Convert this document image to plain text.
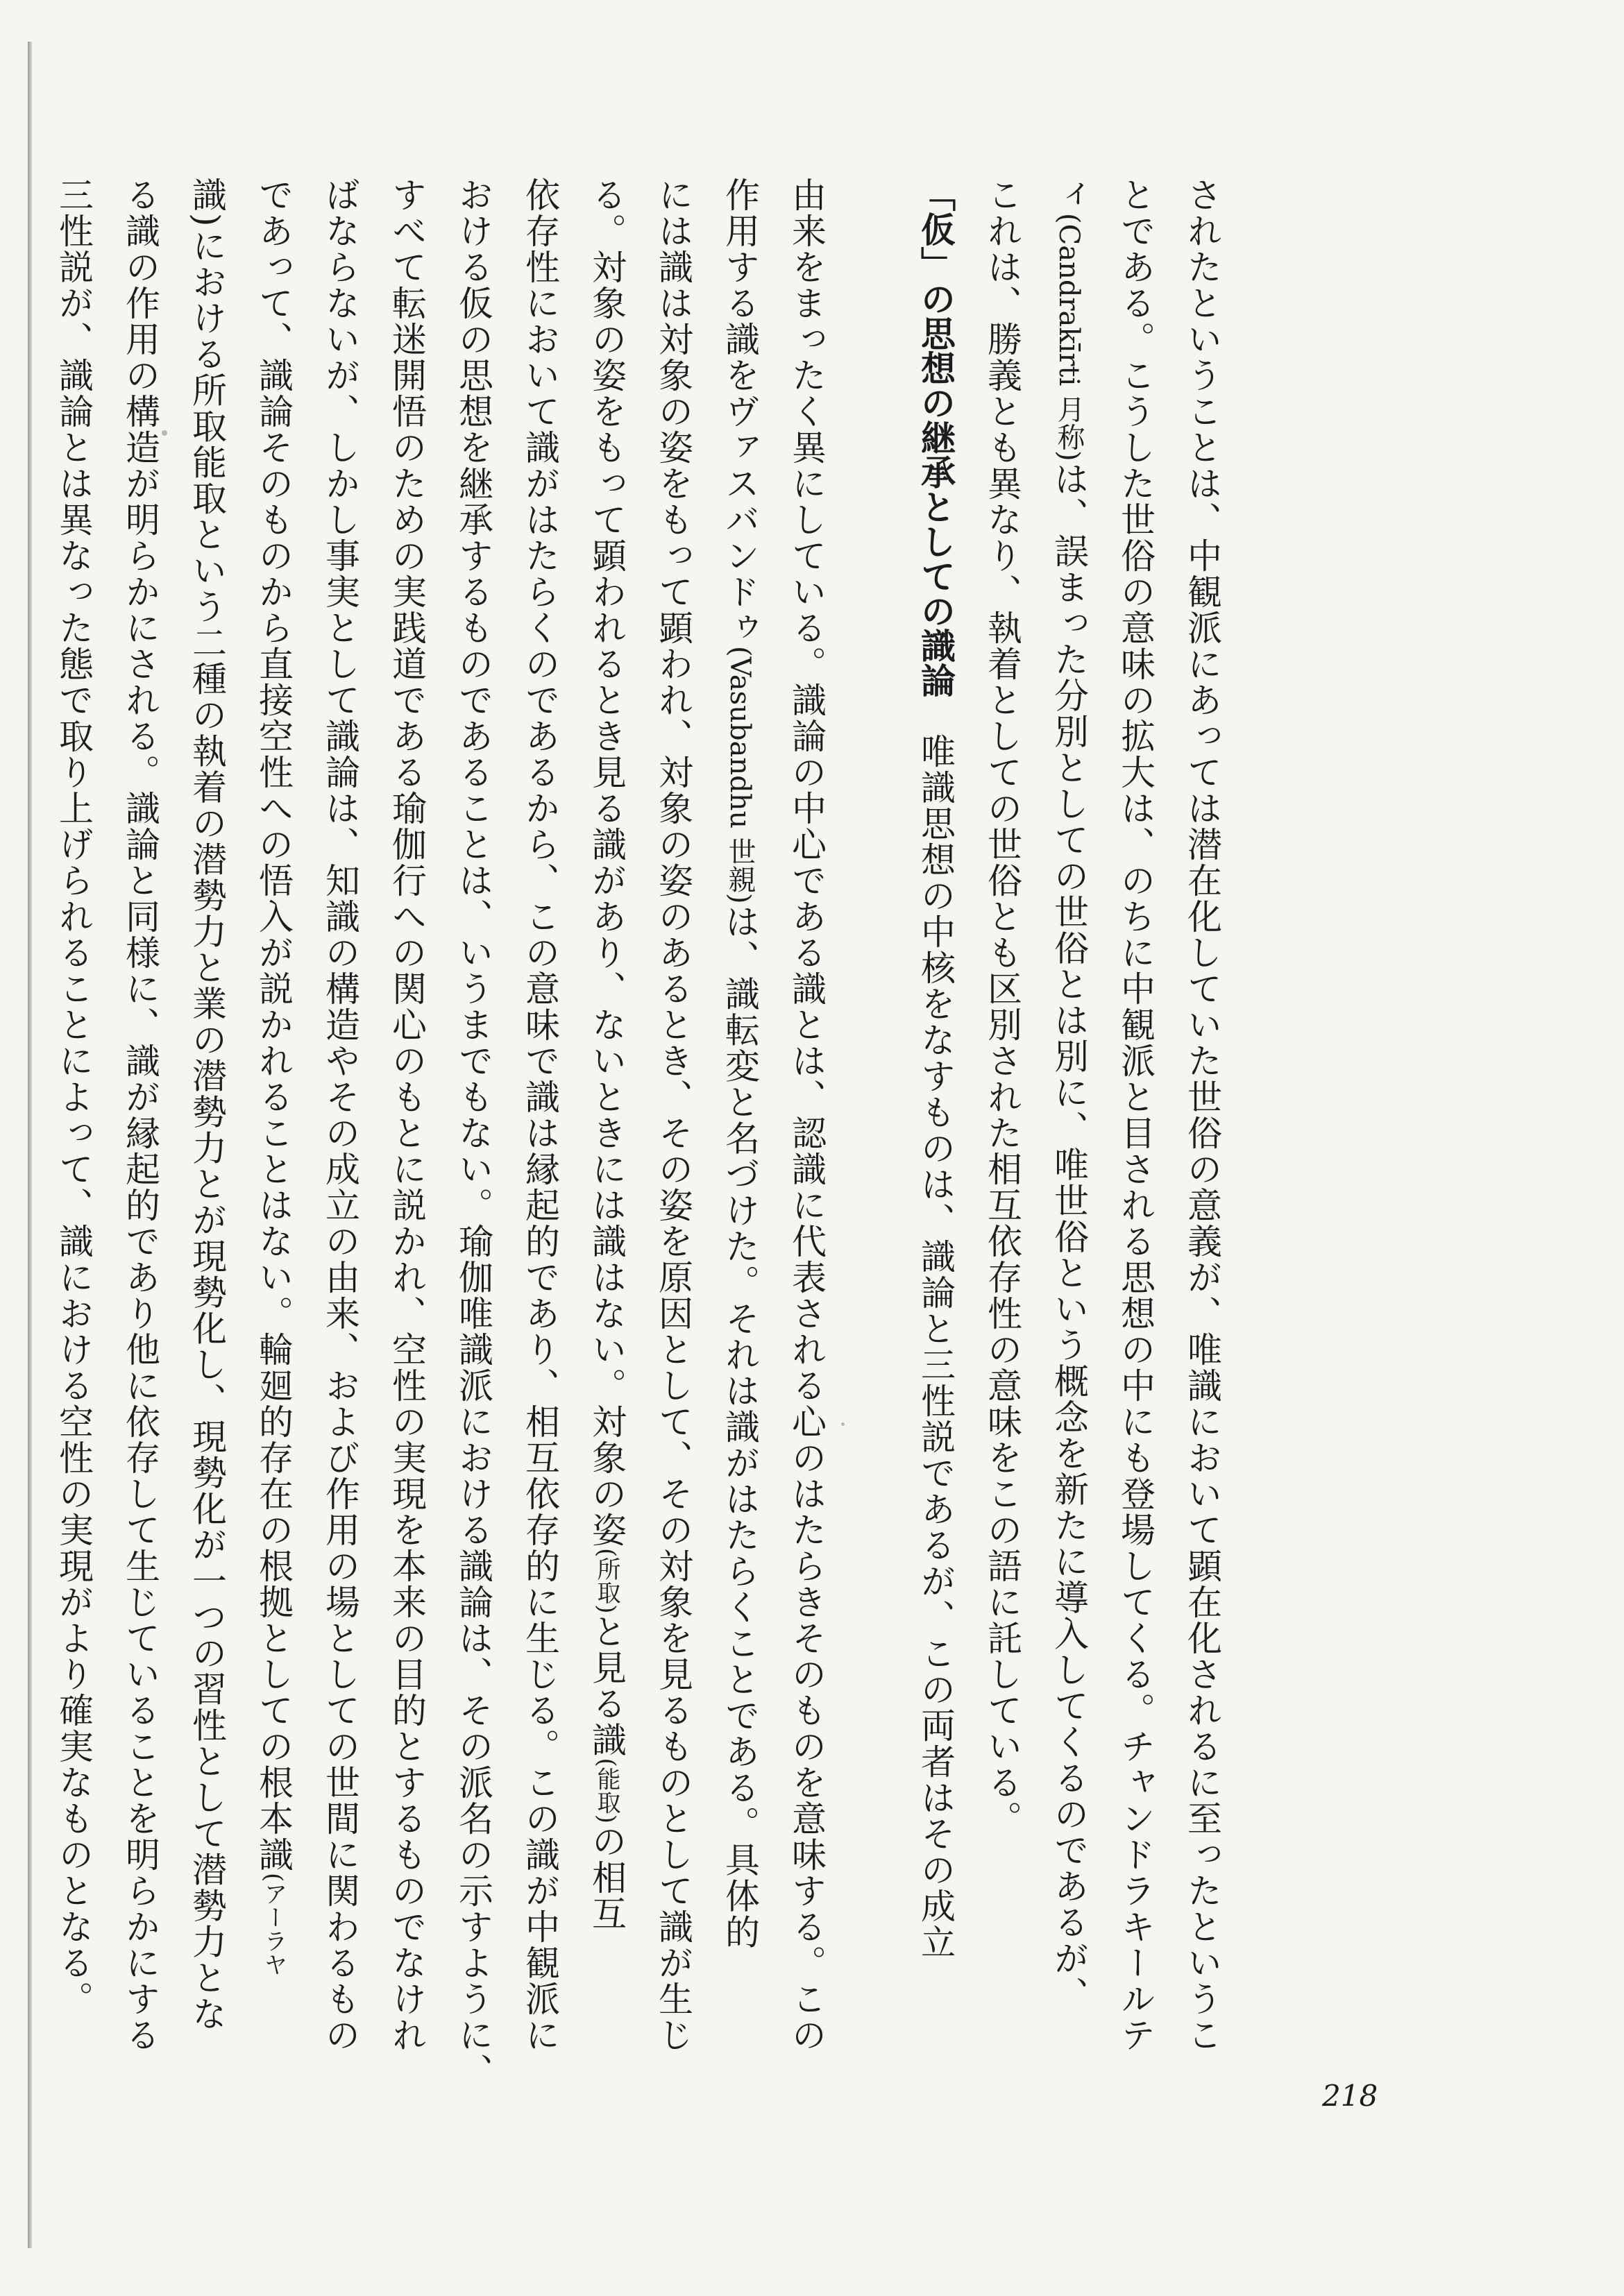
されたということは、中観派にあっては潜在化していた世俗の意義が、唯識において顕在化されるに至ったというこ
とである。こうした世俗の意味の拡大は、のちに中観派と目される思想の中にも登場してくる。チャンドラキールテ
ィ(Candrakīrti 月称)は、誤まった分別としての世俗とは別に、唯世俗という概念を新たに導入してくるのであるが、
これは、勝義とも異なり、執着としての世俗とも区別された相互依存性の意味をこの語に託している。
「仮」の思想の継承としての識論　唯識思想の中核をなすものは、識論と三性説であるが、この両者はその成立
由来をまったく異にしている。識論の中心である識とは、認識に代表される心のはたらきそのものを意味する。この
作用する識をヴァスバンドゥ(Vasubandhu 世親)は、識転変と名づけた。それは識がはたらくことである。具体的
には識は対象の姿をもって顕われ、対象の姿のあるとき、その姿を原因として、その対象を見るものとして識が生じ
る。対象の姿をもって顕われるとき見る識があり、ないときには識はない。対象の姿(所取)と見る識(能取)の相互
依存性において識がはたらくのであるから、この意味で識は縁起的であり、相互依存的に生じる。この識が中観派に
おける仮の思想を継承するものであることは、いうまでもない。瑜伽唯識派における識論は、その派名の示すように、
すべて転迷開悟のための実践道である瑜伽行への関心のもとに説かれ、空性の実現を本来の目的とするものでなけれ
ばならないが、しかし事実として識論は、知識の構造やその成立の由来、および作用の場としての世間に関わるもの
であって、識論そのものから直接空性への悟入が説かれることはない。輪廻的存在の根拠としての根本識(アーラヤ
識)における所取能取という二種の執着の潜勢力と業の潜勢力とが現勢化し、現勢化が一つの習性として潜勢力とな
る識の作用の構造が明らかにされる。識論と同様に、識が縁起的であり他に依存して生じていることを明らかにする
三性説が、識論とは異なった態で取り上げられることによって、識における空性の実現がより確実なものとなる。
218
